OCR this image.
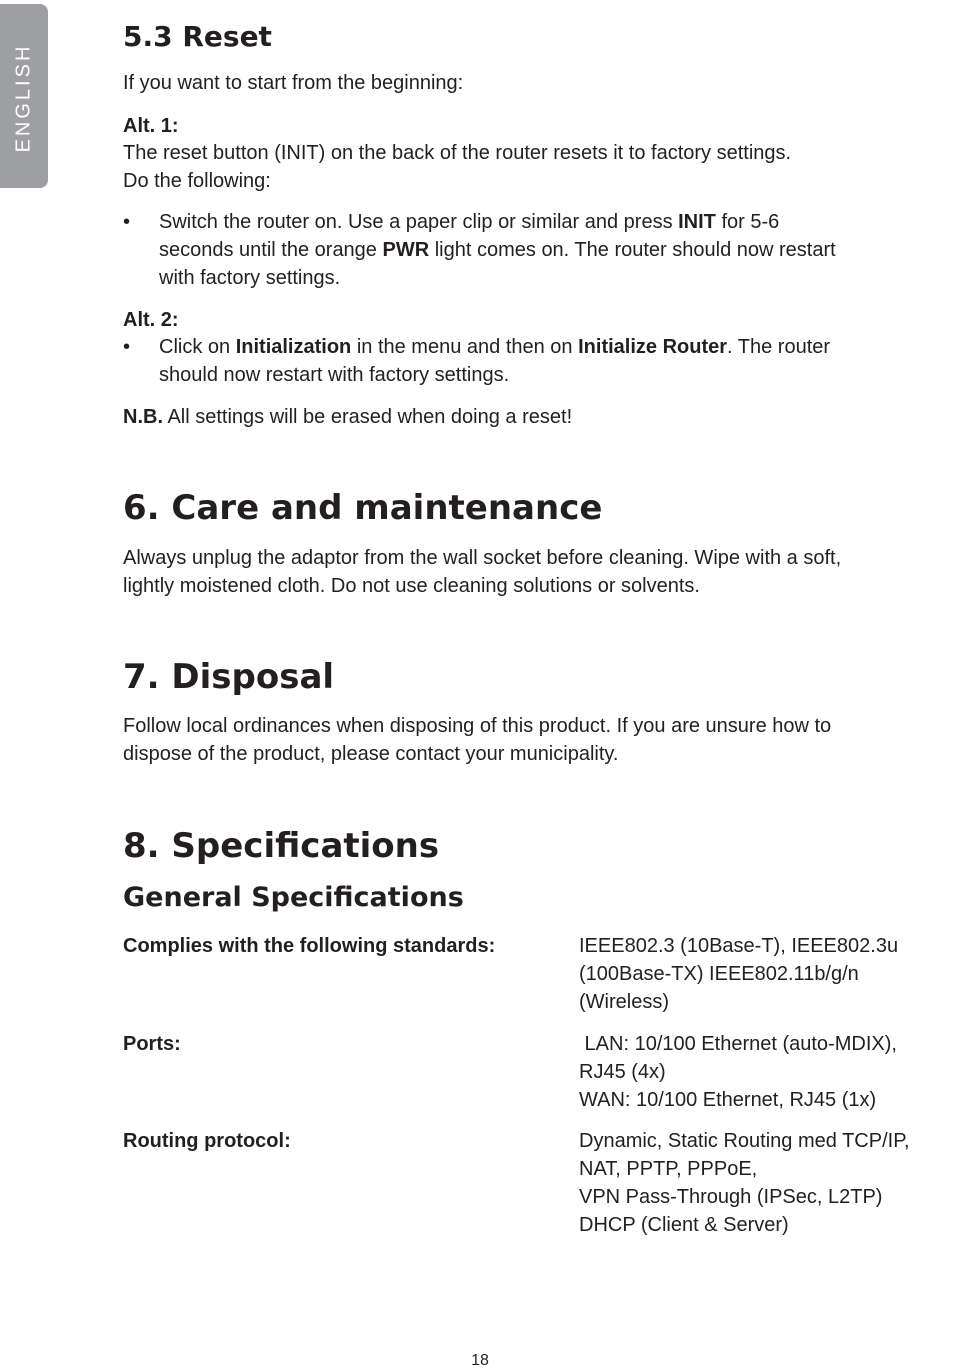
ENGLISH
5.3 Reset

If you want to start from the beginning:

Alt. 1:

The reset button (INIT) on the back of the router resets it to factory settings.

Do the following:

• Switch the router on. Use a paper clip or similar and press INIT for 5-6
seconds until the orange PWR light comes on. The router should now restart
with factory settings.

Alt. 2:

• Click on Initialization in the menu and then on Initialize Router. The router
should now restart with factory settings.

N.B. All settings will be erased when doing a reset!

6. Care and maintenance

Always unplug the adaptor from the wall socket before cleaning. Wipe with a soft,

lightly moistened cloth. Do not use cleaning solutions or solvents.

7. Disposal

Follow local ordinances when disposing of this product. If you are unsure how to

dispose of the product, please contact your municipality.

8. Specifications
General Specifications

Complies with the following standards:	IEEE802.3 (10Base-T), IEEE802.3u

(100Base-TX) IEEE802.11b/g/n

(Wireless)

Ports:	LAN: 10/100 Ethernet (auto-MDIX),

RJ45 (4x)

WAN: 10/100 Ethernet, RJ45 (1x)

Routing protocol:	Dynamic, Static Routing med TCP/IP,

NAT, PPTP, PPPoE,

VPN Pass-Through (IPSec, L2TP)

DHCP (Client & Server)

18
